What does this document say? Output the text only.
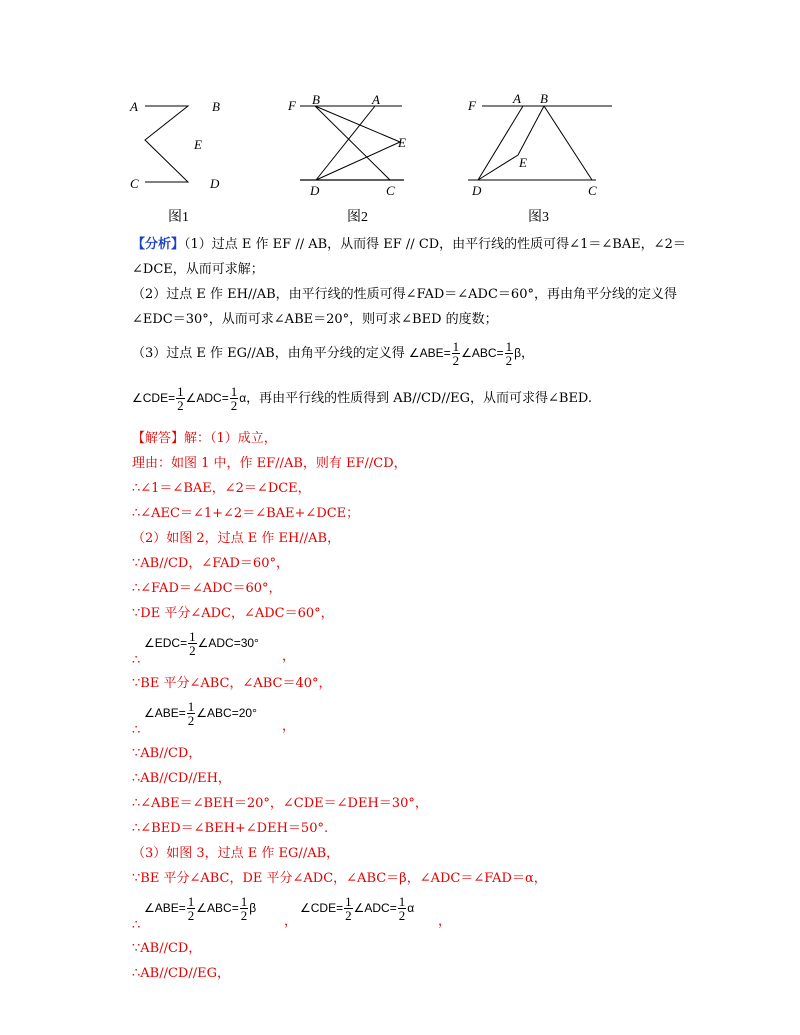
A	B
E
C	D
图1
F B	A
E
D	C
图2
F	A B
E
D	C
图3
【分析】（1）过点 E 作 EF // AB，从而得 EF // CD，由平行线的性质可得∠1＝∠BAE，∠2＝
∠DCE，从而可求解；
（2）过点 E 作 EH//AB，由平行线的性质可得∠FAD＝∠ADC＝60°，再由角平分线的定义得
∠EDC＝30°，从而可求∠ABE＝20°，则可求∠BED 的度数；
（3）过点 E 作 EG//AB，由角平分线的定义得 ∠ABE= $\frac{1}{2}$ ∠ABC= $\frac{1}{2}$ β，
∠CDE= $\frac{1}{2}$ ∠ADC= $\frac{1}{2}$ α，再由平行线的性质得到 AB//CD//EG，从而可求得∠BED.
【解答】解：（1）成立，
理由：如图 1 中，作 EF//AB，则有 EF//CD，
∴∠1＝∠BAE，∠2＝∠DCE，
∴∠AEC＝∠1+∠2＝∠BAE+∠DCE；
（2）如图 2，过点 E 作 EH//AB，
∵AB//CD，∠FAD＝60°，
∴∠FAD＝∠ADC＝60°，
∵DE 平分∠ADC，∠ADC＝60°，
∴
∠EDC= $\frac{1}{2}$ ∠ADC=30°
，
∵BE 平分∠ABC，∠ABC＝40°，
∴
∠ABE= $\frac{1}{2}$ ∠ABC=20°
，
∵AB//CD，
∴AB//CD//EH，
∴∠ABE＝∠BEH＝20°，∠CDE＝∠DEH＝30°，
∴∠BED＝∠BEH+∠DEH＝50°.
（3）如图 3，过点 E 作 EG//AB，
∵BE 平分∠ABC，DE 平分∠ADC，∠ABC＝β，∠ADC＝∠FAD＝α，
∴
∠ABE= $\frac{1}{2}$ ∠ABC= $\frac{1}{2}$ β
，
∠CDE= $\frac{1}{2}$ ∠ADC= $\frac{1}{2}$ α
，
∵AB//CD，
∴AB//CD//EG，
